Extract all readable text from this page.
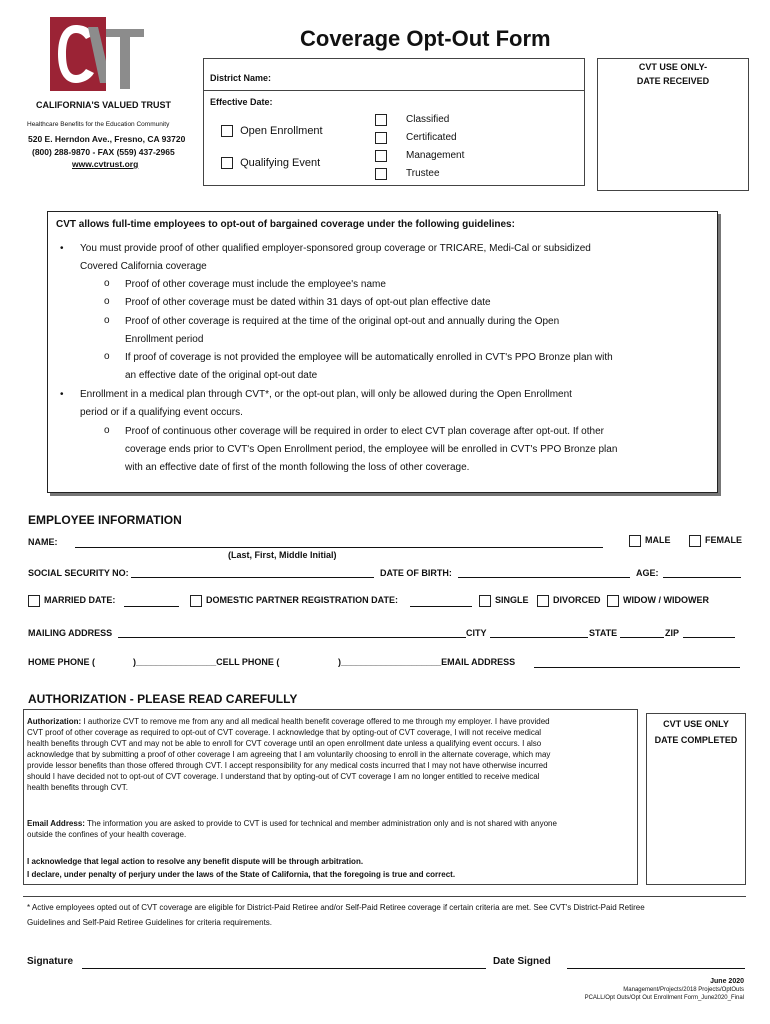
CALIFORNIA'S VALUED TRUST
Healthcare Benefits for the Education Community
520 E. Herndon Ave., Fresno, CA 93720
(800) 288-9870 - FAX (559) 437-2965
www.cvtrust.org
Coverage Opt-Out Form
District Name:
Effective Date:
Open Enrollment
Qualifying Event
Classified
Certificated
Management
Trustee
CVT USE ONLY-
DATE RECEIVED
CVT allows full-time employees to opt-out of bargained coverage under the following guidelines:
• You must provide proof of other qualified employer-sponsored group coverage or TRICARE, Medi-Cal or subsidized
Covered California coverage
o Proof of other coverage must include the employee's name
o Proof of other coverage must be dated within 31 days of opt-out plan effective date
o Proof of other coverage is required at the time of the original opt-out and annually during the Open
Enrollment period
o If proof of coverage is not provided the employee will be automatically enrolled in CVT's PPO Bronze plan with
an effective date of the original opt-out date
• Enrollment in a medical plan through CVT*, or the opt-out plan, will only be allowed during the Open Enrollment
period or if a qualifying event occurs.
o Proof of continuous other coverage will be required in order to elect CVT plan coverage after opt-out. If other
coverage ends prior to CVT's Open Enrollment period, the employee will be enrolled in CVT's PPO Bronze plan
with an effective date of first of the month following the loss of other coverage.
EMPLOYEE INFORMATION
NAME:
(Last, First, Middle Initial)
MALE	FEMALE
SOCIAL SECURITY NO:	DATE OF BIRTH:	AGE:
MARRIED DATE:	DOMESTIC PARTNER REGISTRATION DATE:	SINGLE	DIVORCED	WIDOW / WIDOWER
MAILING ADDRESS	CITY	STATE	ZIP
HOME PHONE (	)________________CELL PHONE (	)____________________EMAIL ADDRESS
AUTHORIZATION - PLEASE READ CAREFULLY
Authorization: I authorize CVT to remove me from any and all medical health benefit coverage offered to me through my employer. I have provided
CVT proof of other coverage as required to opt-out of CVT coverage. I acknowledge that by opting-out of CVT coverage, I will not receive medical
health benefits through CVT and may not be able to enroll for CVT coverage until an open enrollment date unless a qualifying event occurs. I also
acknowledge that by submitting a proof of other coverage I am agreeing that I am voluntarily choosing to enroll in the alternate coverage, which may
provide lessor benefits than those offered through CVT. I accept responsibility for any medical costs incurred that I may not have otherwise incurred
should I have decided not to opt-out of CVT coverage. I understand that by opting-out of CVT coverage I am no longer entitled to receive medical
health benefits through CVT.
Email Address: The information you are asked to provide to CVT is used for technical and member administration only and is not shared with anyone
outside the confines of your health coverage.
I acknowledge that legal action to resolve any benefit dispute will be through arbitration.
I declare, under penalty of perjury under the laws of the State of California, that the foregoing is true and correct.
CVT USE ONLY
DATE COMPLETED
* Active employees opted out of CVT coverage are eligible for District-Paid Retiree and/or Self-Paid Retiree coverage if certain criteria are met. See CVT's District-Paid Retiree
Guidelines and Self-Paid Retiree Guidelines for criteria requirements.
Signature	Date Signed
June 2020
Management/Projects/2018 Projects/OptOuts
PCALL/Opt Outs/Opt Out Enrollment Form_June2020_Final
